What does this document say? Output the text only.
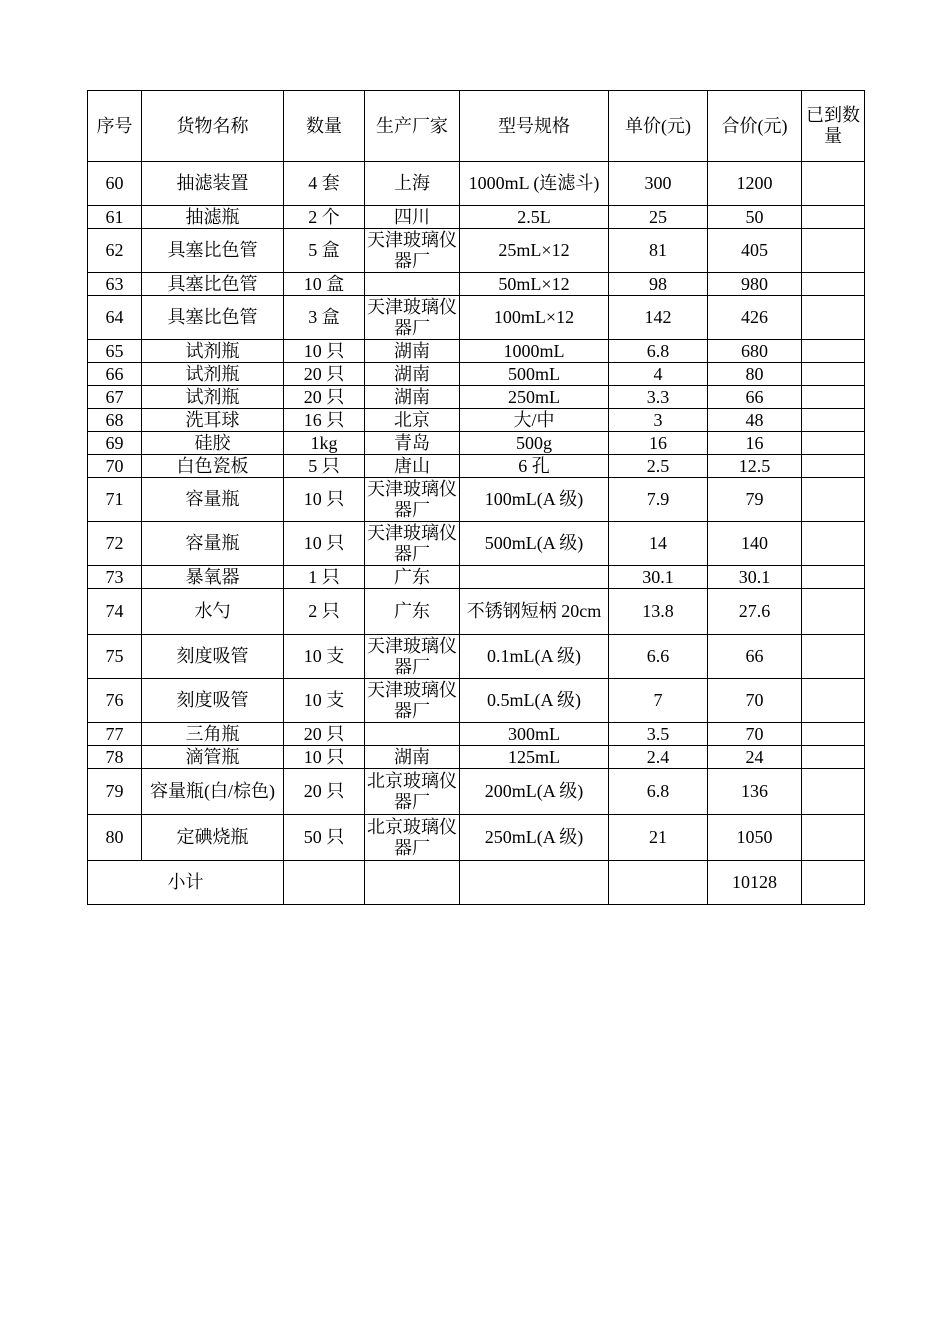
序号	货物名称	数量	生产厂家	型号规格	单价(元)	合价(元)	已到数量
60	抽滤装置	4 套	上海	1000mL (连滤斗)	300	1200	
61	抽滤瓶	2 个	四川	2.5L	25	50	
62	具塞比色管	5 盒	天津玻璃仪器厂	25mL×12	81	405	
63	具塞比色管	10 盒		50mL×12	98	980	
64	具塞比色管	3 盒	天津玻璃仪器厂	100mL×12	142	426	
65	试剂瓶	10 只	湖南	1000mL	6.8	680	
66	试剂瓶	20 只	湖南	500mL	4	80	
67	试剂瓶	20 只	湖南	250mL	3.3	66	
68	洗耳球	16 只	北京	大/中	3	48	
69	硅胶	1kg	青岛	500g	16	16	
70	白色瓷板	5 只	唐山	6 孔	2.5	12.5	
71	容量瓶	10 只	天津玻璃仪器厂	100mL(A 级)	7.9	79	
72	容量瓶	10 只	天津玻璃仪器厂	500mL(A 级)	14	140	
73	暴氧器	1 只	广东		30.1	30.1	
74	水勺	2 只	广东	不锈钢短柄 20cm	13.8	27.6	
75	刻度吸管	10 支	天津玻璃仪器厂	0.1mL(A 级)	6.6	66	
76	刻度吸管	10 支	天津玻璃仪器厂	0.5mL(A 级)	7	70	
77	三角瓶	20 只		300mL	3.5	70	
78	滴管瓶	10 只	湖南	125mL	2.4	24	
79	容量瓶(白/棕色)	20 只	北京玻璃仪器厂	200mL(A 级)	6.8	136	
80	定碘烧瓶	50 只	北京玻璃仪器厂	250mL(A 级)	21	1050	
小计						10128	
